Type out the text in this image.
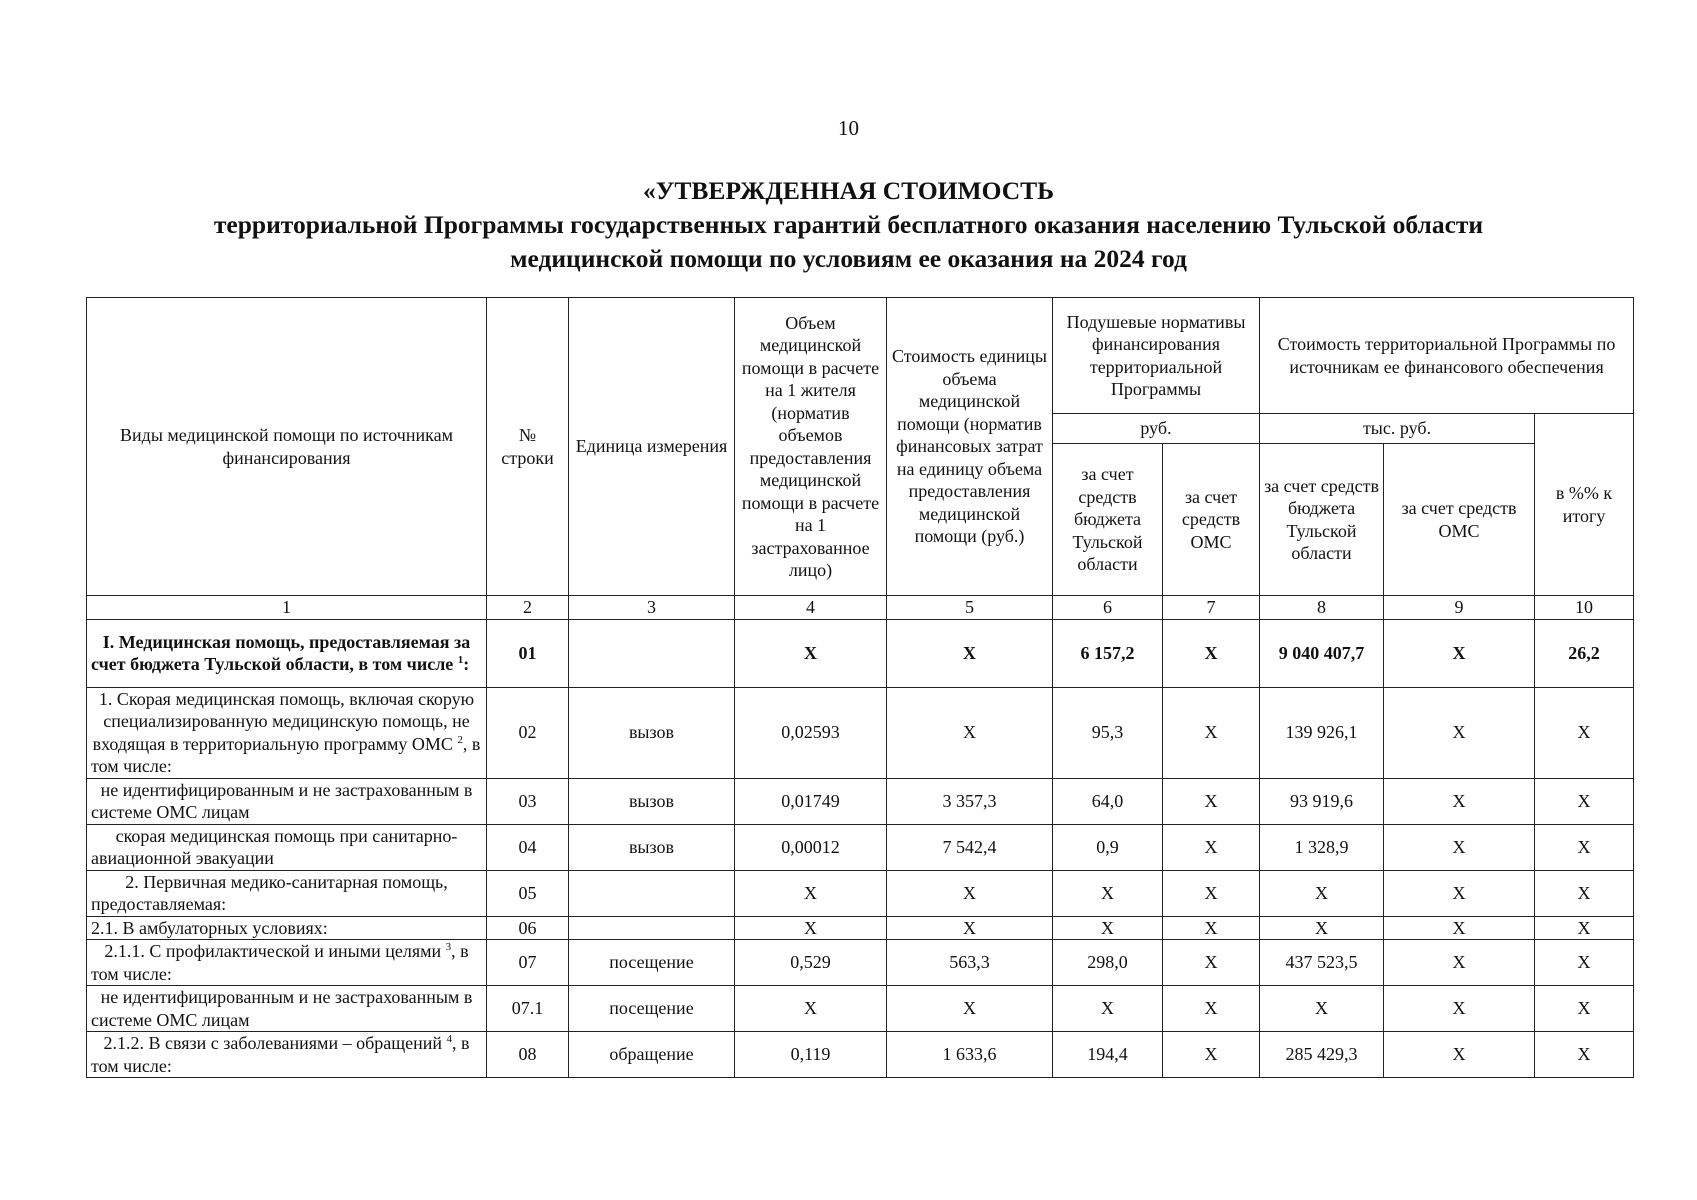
10
«УТВЕРЖДЕННАЯ СТОИМОСТЬ
территориальной Программы государственных гарантий бесплатного оказания населению Тульской области
медицинской помощи по условиям ее оказания на 2024 год
Виды медицинской помощи по источникам финансирования	№ строки	Единица измерения	Объем медицинской помощи в расчете на 1 жителя (норматив объемов предоставления медицинской помощи в расчете на 1 застрахованное лицо)	Стоимость единицы объема медицинской помощи (норматив финансовых затрат на единицу объема предоставления медицинской помощи (руб.)	Подушевые нормативы финансирования территориальной Программы		Стоимость территориальной Программы по источникам ее финансового обеспечения		
					руб.		тыс. руб.		в %% к итогу
					за счет средств бюджета Тульской области	за счет средств ОМС	за счет средств бюджета Тульской области	за счет средств ОМС	
1	2	3	4	5	6	7	8	9	10
I. Медицинская помощь, предоставляемая за счет бюджета Тульской области, в том числе $^1$:	01		Х	Х	6 157,2	Х	9 040 407,7	Х	26,2
1. Скорая медицинская помощь, включая скорую специализированную медицинскую помощь, не входящая в территориальную программу ОМС $^2$, в том числе:	02	вызов	0,02593	Х	95,3	Х	139 926,1	Х	Х
не идентифицированным и не застрахованным в системе ОМС лицам	03	вызов	0,01749	3 357,3	64,0	Х	93 919,6	Х	Х
скорая медицинская помощь при санитарно-авиационной эвакуации	04	вызов	0,00012	7 542,4	0,9	Х	1 328,9	Х	Х
2. Первичная медико-санитарная помощь, предоставляемая:	05		Х	Х	Х	Х	Х	Х	Х
2.1. В амбулаторных условиях:	06		Х	Х	Х	Х	Х	Х	Х
2.1.1. С профилактической и иными целями $^3$, в том числе:	07	посещение	0,529	563,3	298,0	Х	437 523,5	Х	Х
не идентифицированным и не застрахованным в системе ОМС лицам	07.1	посещение	Х	Х	Х	Х	Х	Х	Х
2.1.2. В связи с заболеваниями – обращений $^4$, в том числе:	08	обращение	0,119	1 633,6	194,4	Х	285 429,3	Х	Х
